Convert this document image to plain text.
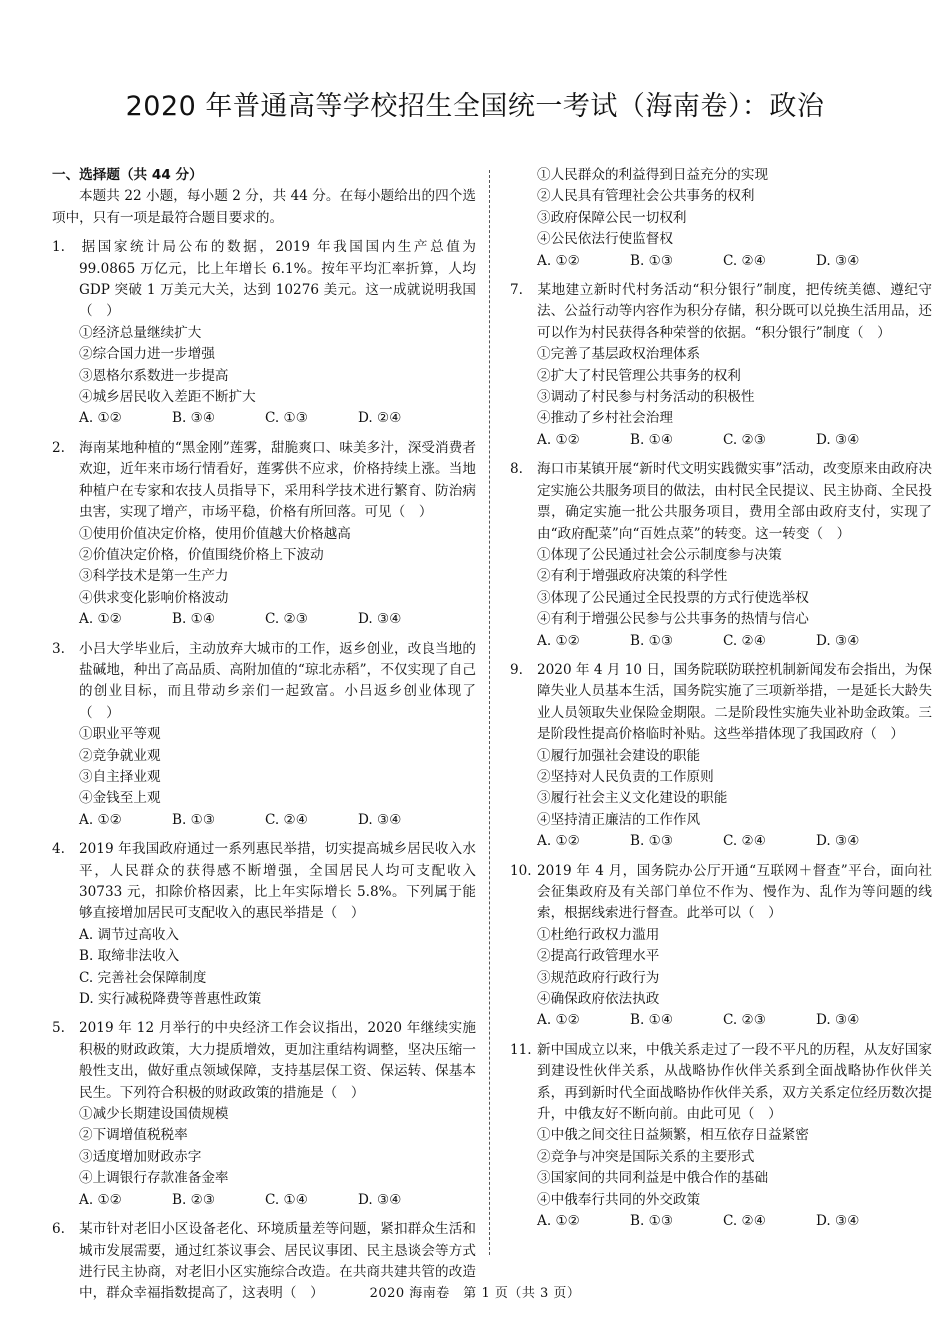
2020 年普通高等学校招生全国统一考试（海南卷）：政治
一、选择题（共 44 分）
本题共 22 小题，每小题 2 分，共 44 分。在每小题给出的四个选项中，只有一项是最符合题目要求的。
1. 据国家统计局公布的数据，2019 年我国国内生产总值为 99.0865 万亿元，比上年增长 6.1%。按年平均汇率折算，人均 GDP 突破 1 万美元大关，达到 10276 美元。这一成就说明我国（　）
①经济总量继续扩大
②综合国力进一步增强
③恩格尔系数进一步提高
④城乡居民收入差距不断扩大
A. ①②	B. ③④	C. ①③	D. ②④
2. 海南某地种植的“黑金刚”莲雾，甜脆爽口、味美多汁，深受消费者欢迎，近年来市场行情看好，莲雾供不应求，价格持续上涨。当地种植户在专家和农技人员指导下，采用科学技术进行繁育、防治病虫害，实现了增产，市场平稳，价格有所回落。可见（　）
①使用价值决定价格，使用价值越大价格越高
②价值决定价格，价值围绕价格上下波动
③科学技术是第一生产力
④供求变化影响价格波动
A. ①②	B. ①④	C. ②③	D. ③④
3. 小吕大学毕业后，主动放弃大城市的工作，返乡创业，改良当地的盐碱地，种出了高品质、高附加值的“琼北赤稻”，不仅实现了自己的创业目标，而且带动乡亲们一起致富。小吕返乡创业体现了（　）
①职业平等观
②竞争就业观
③自主择业观
④金钱至上观
A. ①②	B. ①③	C. ②④	D. ③④
4. 2019 年我国政府通过一系列惠民举措，切实提高城乡居民收入水平，人民群众的获得感不断增强，全国居民人均可支配收入 30733 元，扣除价格因素，比上年实际增长 5.8%。下列属于能够直接增加居民可支配收入的惠民举措是（　）
A. 调节过高收入
B. 取缔非法收入
C. 完善社会保障制度
D. 实行减税降费等普惠性政策
5. 2019 年 12 月举行的中央经济工作会议指出，2020 年继续实施积极的财政政策，大力提质增效，更加注重结构调整，坚决压缩一般性支出，做好重点领域保障，支持基层保工资、保运转、保基本民生。下列符合积极的财政政策的措施是（　）
①减少长期建设国债规模
②下调增值税税率
③适度增加财政赤字
④上调银行存款准备金率
A. ①②	B. ②③	C. ①④	D. ③④
6. 某市针对老旧小区设备老化、环境质量差等问题，紧扣群众生活和城市发展需要，通过红茶议事会、居民议事团、民主恳谈会等方式进行民主协商，对老旧小区实施综合改造。在共商共建共管的改造中，群众幸福指数提高了，这表明（　）
①人民群众的利益得到日益充分的实现
②人民具有管理社会公共事务的权利
③政府保障公民一切权利
④公民依法行使监督权
A. ①②	B. ①③	C. ②④	D. ③④
7. 某地建立新时代村务活动“积分银行”制度，把传统美德、遵纪守法、公益行动等内容作为积分存储，积分既可以兑换生活用品，还可以作为村民获得各种荣誉的依据。“积分银行”制度（　）
①完善了基层政权治理体系
②扩大了村民管理公共事务的权利
③调动了村民参与村务活动的积极性
④推动了乡村社会治理
A. ①②	B. ①④	C. ②③	D. ③④
8. 海口市某镇开展“新时代文明实践微实事”活动，改变原来由政府决定实施公共服务项目的做法，由村民全民提议、民主协商、全民投票，确定实施一批公共服务项目，费用全部由政府支付，实现了由“政府配菜”向“百姓点菜”的转变。这一转变（　）
①体现了公民通过社会公示制度参与决策
②有利于增强政府决策的科学性
③体现了公民通过全民投票的方式行使选举权
④有利于增强公民参与公共事务的热情与信心
A. ①②	B. ①③	C. ②④	D. ③④
9. 2020 年 4 月 10 日，国务院联防联控机制新闻发布会指出，为保障失业人员基本生活，国务院实施了三项新举措，一是延长大龄失业人员领取失业保险金期限。二是阶段性实施失业补助金政策。三是阶段性提高价格临时补贴。这些举措体现了我国政府（　）
①履行加强社会建设的职能
②坚持对人民负责的工作原则
③履行社会主义文化建设的职能
④坚持清正廉洁的工作作风
A. ①②	B. ①③	C. ②④	D. ③④
10. 2019 年 4 月，国务院办公厅开通“互联网＋督查”平台，面向社会征集政府及有关部门单位不作为、慢作为、乱作为等问题的线索，根据线索进行督查。此举可以（　）
①杜绝行政权力滥用
②提高行政管理水平
③规范政府行政行为
④确保政府依法执政
A. ①②	B. ①④	C. ②③	D. ③④
11. 新中国成立以来，中俄关系走过了一段不平凡的历程，从友好国家到建设性伙伴关系，从战略协作伙伴关系到全面战略协作伙伴关系，再到新时代全面战略协作伙伴关系，双方关系定位经历数次提升，中俄友好不断向前。由此可见（　）
①中俄之间交往日益频繁，相互依存日益紧密
②竞争与冲突是国际关系的主要形式
③国家间的共同利益是中俄合作的基础
④中俄奉行共同的外交政策
A. ①②	B. ①③	C. ②④	D. ③④
2020 海南卷　第 1 页（共 3 页）
